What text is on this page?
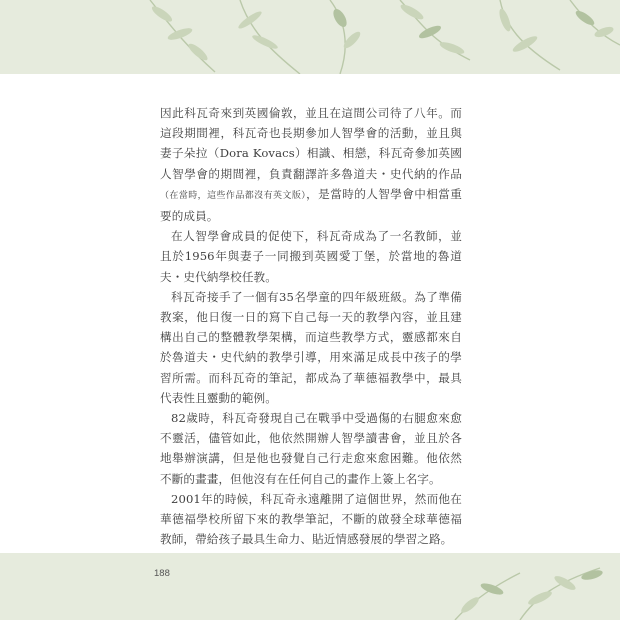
因此科瓦奇來到英國倫敦，並且在這間公司待了八年。而這段期間裡，科瓦奇也長期參加人智學會的活動，並且與妻子朵拉（Dora Kovacs）相識、相戀，科瓦奇參加英國人智學會的期間裡，負責翻譯許多魯道夫・史代納的作品（在當時，這些作品都沒有英文版），是當時的人智學會中相當重要的成員。

在人智學會成員的促使下，科瓦奇成為了一名教師，並且於1956年與妻子一同搬到英國愛丁堡，於當地的魯道夫・史代納學校任教。

科瓦奇接手了一個有35名學童的四年級班級。為了準備教案，他日復一日的寫下自己每一天的教學內容，並且建構出自己的整體教學架構，而這些教學方式，靈感都來自於魯道夫・史代納的教學引導，用來滿足成長中孩子的學習所需。而科瓦奇的筆記，都成為了華德福教學中，最具代表性且靈動的範例。

82歲時，科瓦奇發現自己在戰爭中受過傷的右腿愈來愈不靈活，儘管如此，他依然開辦人智學讀書會，並且於各地舉辦演講，但是他也發覺自己行走愈來愈困難。他依然不斷的畫畫，但他沒有在任何自己的畫作上簽上名字。

2001年的時候，科瓦奇永遠離開了這個世界，然而他在華德福學校所留下來的教學筆記，不斷的啟發全球華德福教師，帶給孩子最具生命力、貼近情感發展的學習之路。

188
